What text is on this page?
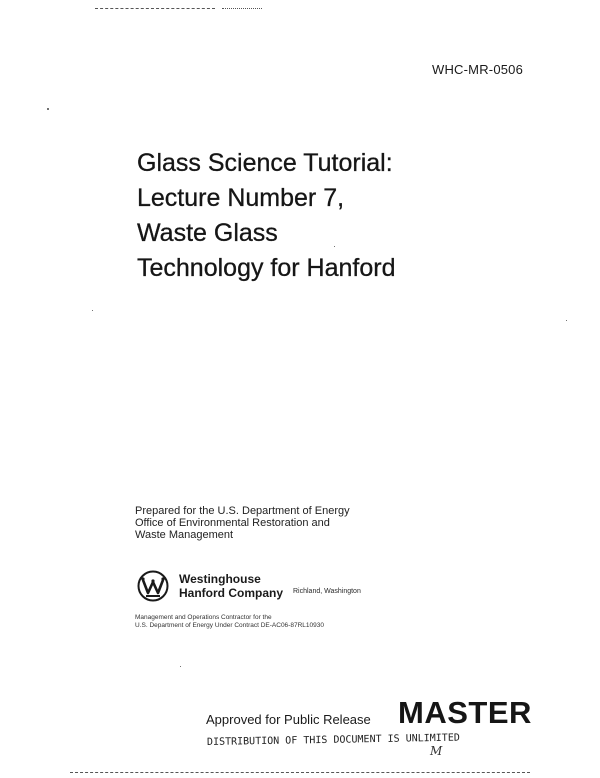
WHC-MR-0506
Glass Science Tutorial:
Lecture Number 7,
Waste Glass
Technology for Hanford
Prepared for the U.S. Department of Energy
Office of Environmental Restoration and
Waste Management
Westinghouse
Hanford Company Richland, Washington
Management and Operations Contractor for the
U.S. Department of Energy Under Contract DE-AC06-87RL10930
Approved for Public Release MASTER
DISTRIBUTION OF THIS DOCUMENT IS UNLIMITED
M
